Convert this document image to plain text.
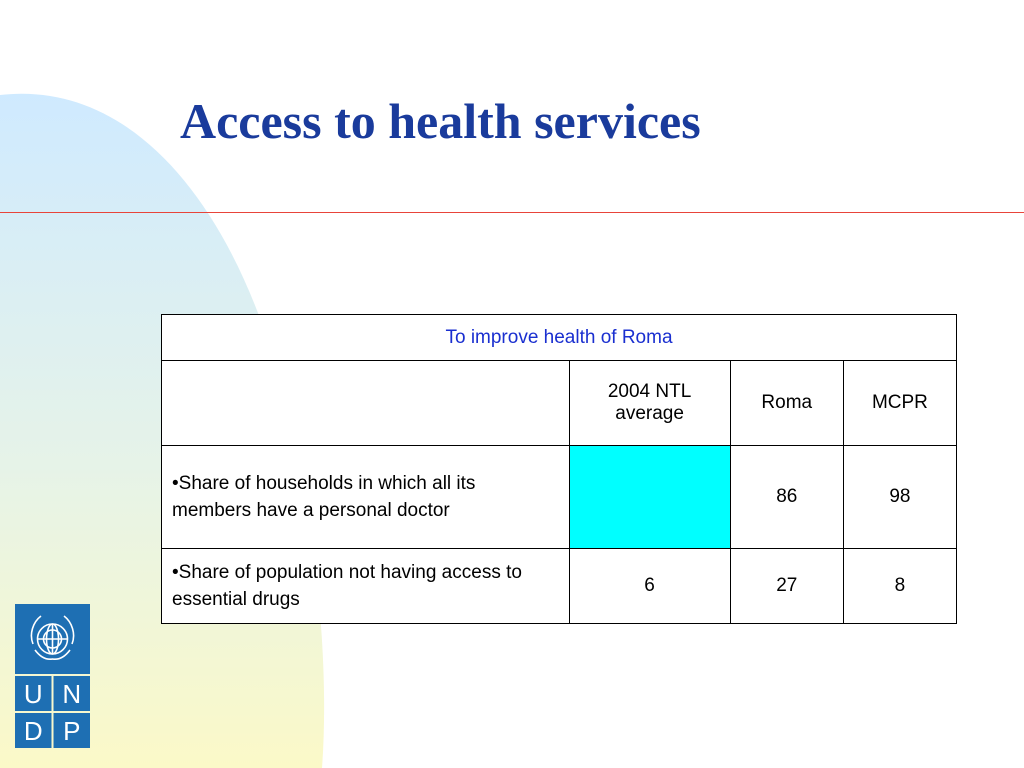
Access to health services
To improve health of Roma			
	2004 NTL average	Roma	MCPR
•Share of households in which all its members have a personal doctor		86	98
•Share of population not having access to essential drugs	6	27	8
U N
D P
